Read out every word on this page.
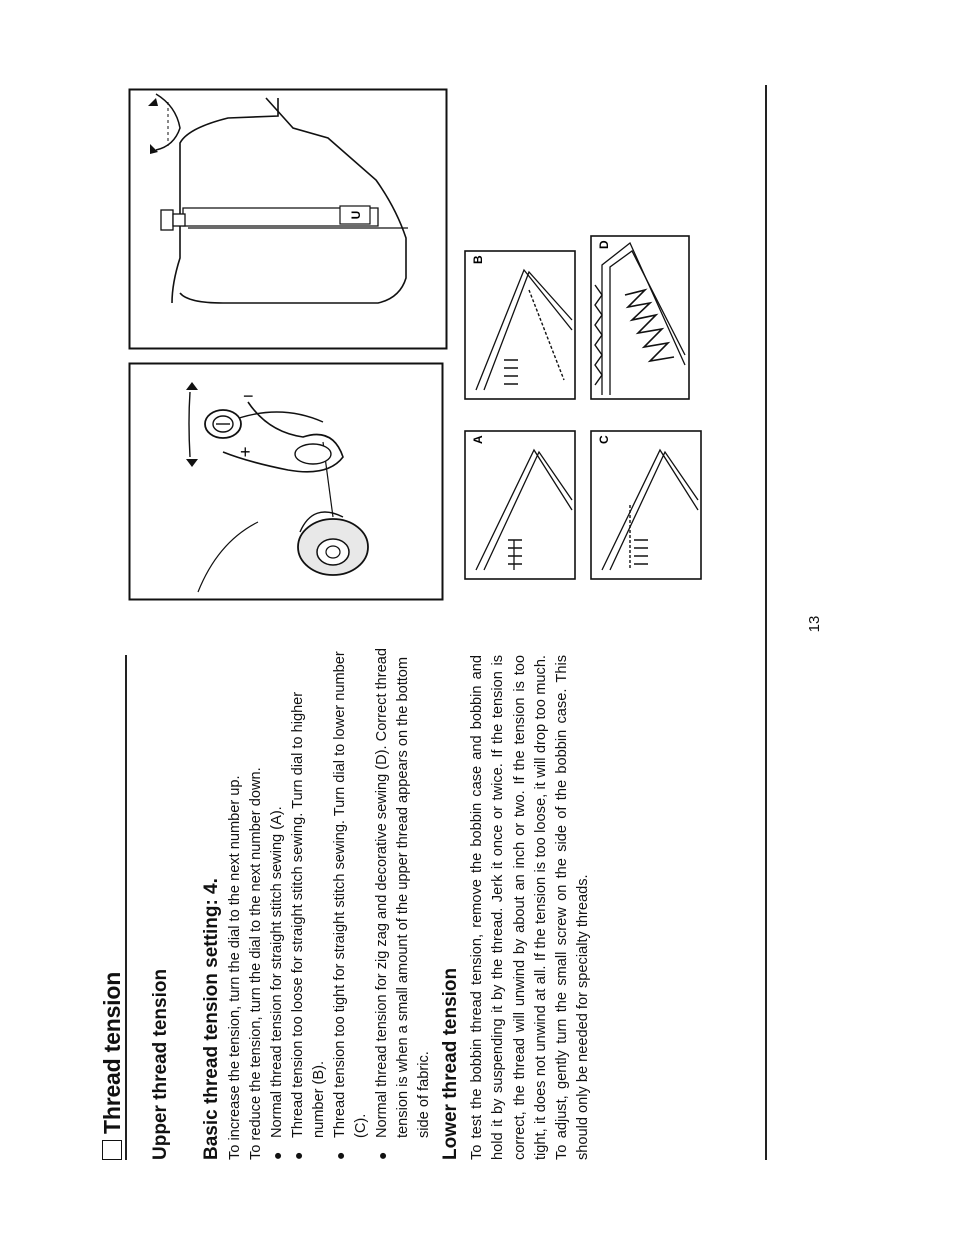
Thread tension Upper thread tension Basic thread tension setting: 4. To increase the tension, turn the dial to the next number up. To reduce the tension, turn the dial to the next number down. ●
Normal thread tension for straight stitch sewing (A).
●
Thread tension too loose for straight stitch sewing. Turn dial to higher number (B).
●
Thread tension too tight for straight stitch sewing. Turn dial to lower number (C).
●
Normal thread tension for zig zag and decorative sewing (D). Correct thread tension is when a small amount of the upper thread appears on the bottom side of fabric. Lower thread tension To test the bobbin thread tension, remove the bobbin case and bobbin and hold it by suspending it by the thread. Jerk it once or twice. If the tension is correct, the thread will unwind by about an inch or two. If the tension is too tight, it does not unwind at all. If the tension is too loose, it will drop too much. To adjust, gently turn the small screw on the side of the bobbin case. This should only be needed for specialty threads.
13
U
−
+
A	C
B
D
